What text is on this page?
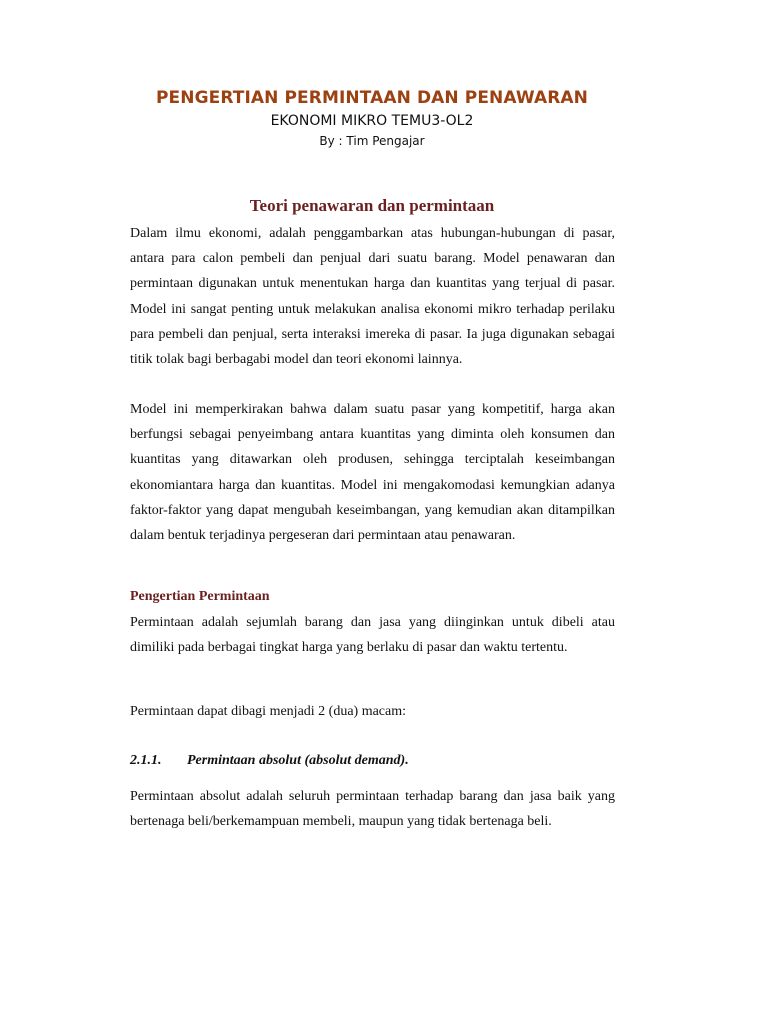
PENGERTIAN PERMINTAAN DAN PENAWARAN
EKONOMI MIKRO TEMU3-OL2
By : Tim Pengajar
Teori penawaran dan permintaan

Dalam ilmu ekonomi, adalah penggambarkan atas hubungan-hubungan di pasar, antara para calon pembeli dan penjual dari suatu barang. Model penawaran dan permintaan digunakan untuk menentukan harga dan kuantitas yang terjual di pasar. Model ini sangat penting untuk melakukan analisa ekonomi mikro terhadap perilaku para pembeli dan penjual, serta interaksi imereka di pasar. Ia juga digunakan sebagai titik tolak bagi berbagabi model dan teori ekonomi lainnya.

Model ini memperkirakan bahwa dalam suatu pasar yang kompetitif, harga akan berfungsi sebagai penyeimbang antara kuantitas yang diminta oleh konsumen dan kuantitas yang ditawarkan oleh produsen, sehingga terciptalah keseimbangan ekonomiantara harga dan kuantitas. Model ini mengakomodasi kemungkian adanya faktor-faktor yang dapat mengubah keseimbangan, yang kemudian akan ditampilkan dalam bentuk terjadinya pergeseran dari permintaan atau penawaran.

Pengertian Permintaan

Permintaan adalah sejumlah barang dan jasa yang diinginkan untuk dibeli atau dimiliki pada berbagai tingkat harga yang berlaku di pasar dan waktu tertentu.

Permintaan dapat dibagi menjadi 2 (dua) macam:

2.1.1. Permintaan absolut (absolut demand).

Permintaan absolut adalah seluruh permintaan terhadap barang dan jasa baik yang bertenaga beli/berkemampuan membeli, maupun yang tidak bertenaga beli.
